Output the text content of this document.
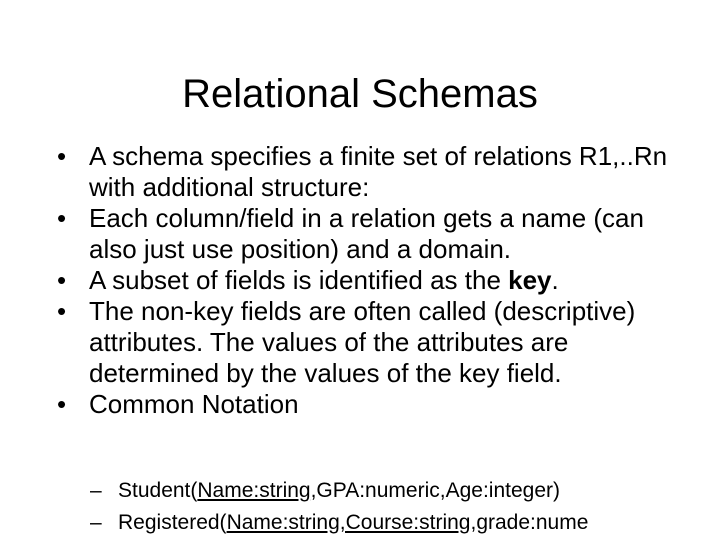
Relational Schemas

• A schema specifies a finite set of relations R1,..Rn with additional structure:

• Each column/field in a relation gets a name (can also just use position) and a domain.

• A subset of fields is identified as the key.

• The non-key fields are often called (descriptive) attributes. The values of the attributes are determined by the values of the key field.

• Common Notation

– Student(Name:string,GPA:numeric,Age:integer)
– Registered(Name:string,Course:string,grade:nume
